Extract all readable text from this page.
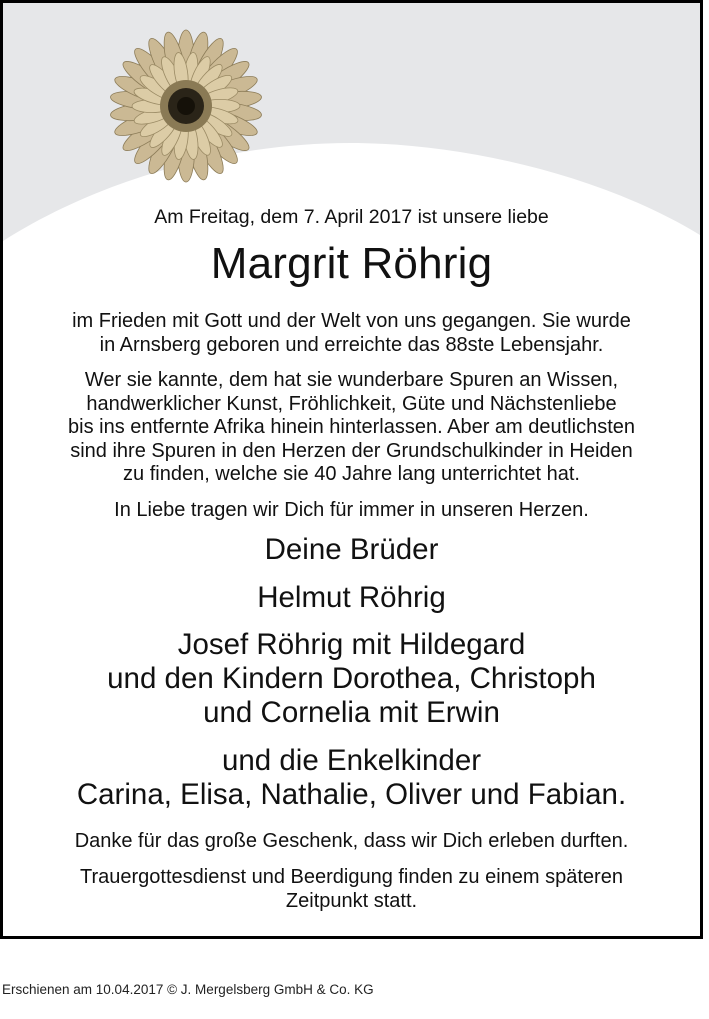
Am Freitag, dem 7. April 2017 ist unsere liebe
Margrit Röhrig
im Frieden mit Gott und der Welt von uns gegangen. Sie wurde
in Arnsberg geboren und erreichte das 88ste Lebensjahr.
Wer sie kannte, dem hat sie wunderbare Spuren an Wissen,
handwerklicher Kunst, Fröhlichkeit, Güte und Nächstenliebe
bis ins entfernte Afrika hinein hinterlassen. Aber am deutlichsten
sind ihre Spuren in den Herzen der Grundschulkinder in Heiden
zu finden, welche sie 40 Jahre lang unterrichtet hat.
In Liebe tragen wir Dich für immer in unseren Herzen.
Deine Brüder
Helmut Röhrig
Josef Röhrig mit Hildegard
und den Kindern Dorothea, Christoph
und Cornelia mit Erwin
und die Enkelkinder
Carina, Elisa, Nathalie, Oliver und Fabian.
Danke für das große Geschenk, dass wir Dich erleben durften.
Trauergottesdienst und Beerdigung finden zu einem späteren
Zeitpunkt statt.
Erschienen am 10.04.2017 © J. Mergelsberg GmbH & Co. KG
